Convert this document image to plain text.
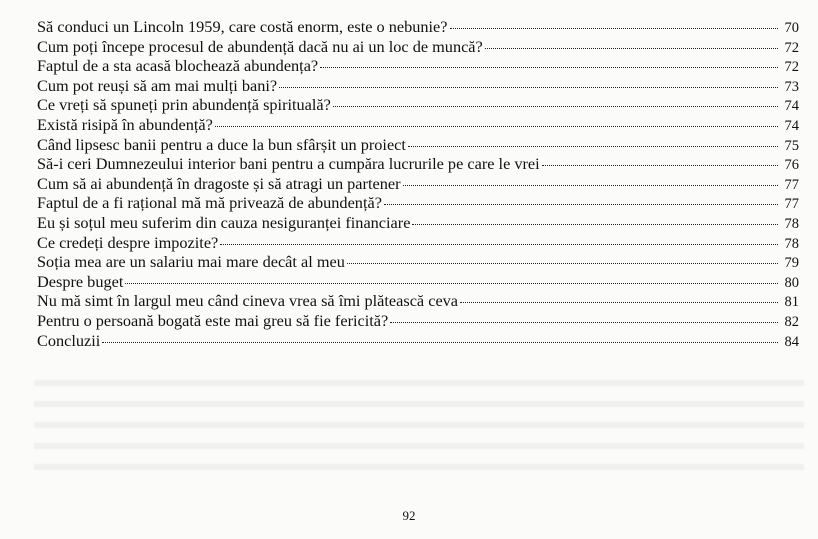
Să conduci un Lincoln 1959, care costă enorm, este o nebunie?	70
Cum poți începe procesul de abundență dacă nu ai un loc de muncă?	72
Faptul de a sta acasă blochează abundența?	72
Cum pot reuși să am mai mulți bani?	73
Ce vreți să spuneți prin abundență spirituală?	74
Există risipă în abundență?	74
Când lipsesc banii pentru a duce la bun sfârșit un proiect	75
Să-i ceri Dumnezeului interior bani pentru a cumpăra lucrurile pe care le vrei	76
Cum să ai abundență în dragoste și să atragi un partener	77
Faptul de a fi rațional mă mă privează de abundență?	77
Eu și soțul meu suferim din cauza nesiguranței financiare	78
Ce credeți despre impozite?	78
Soția mea are un salariu mai mare decât al meu	79
Despre buget	80
Nu mă simt în largul meu când cineva vrea să îmi plătească ceva	81
Pentru o persoană bogată este mai greu să fie fericită?	82
Concluzii	84
92
